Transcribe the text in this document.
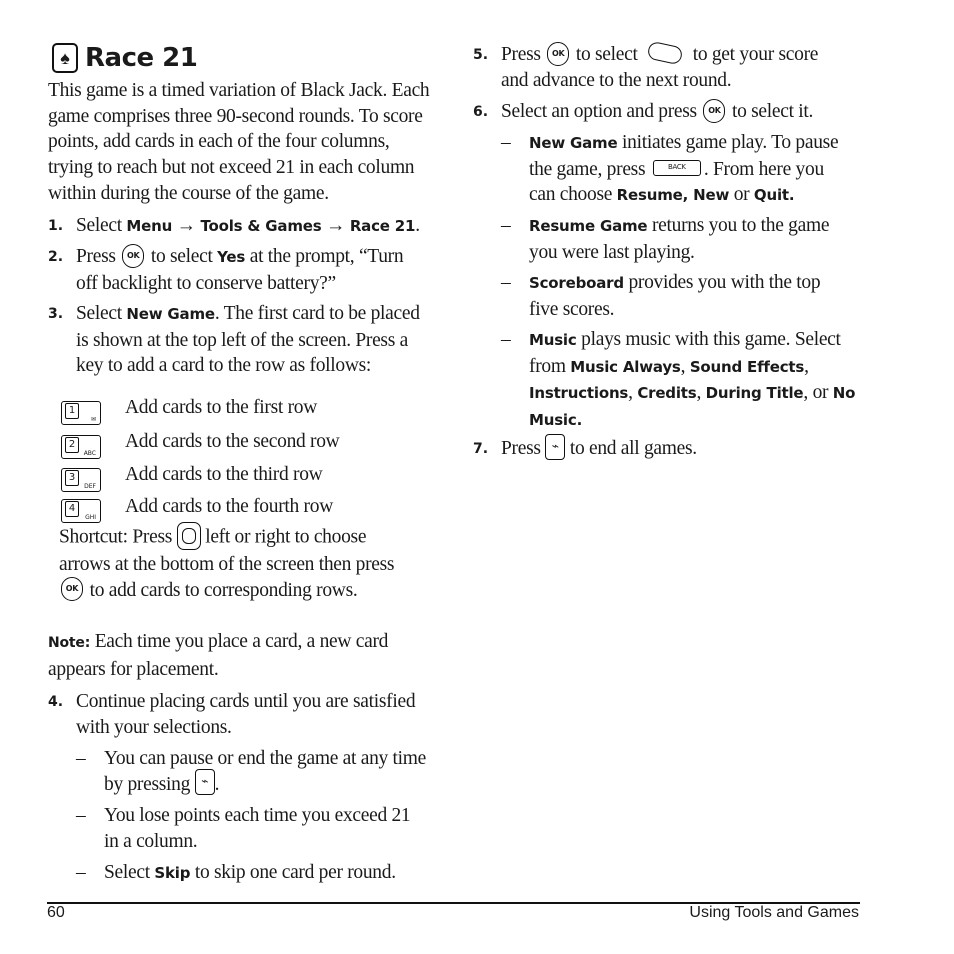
♠ Race 21
This game is a timed variation of Black Jack. Each game comprises three 90-second rounds. To score points, add cards in each of the four columns, trying to reach but not exceed 21 in each column within during the course of the game.
1. Select Menu → Tools & Games → Race 21.
2. Press OK to select Yes at the prompt, “Turn
off backlight to conserve battery?”
3. Select New Game. The first card to be placed
is shown at the top left of the screen. Press a
key to add a card to the row as follows:
1
✉
Add cards to the first row
2
ABC
Add cards to the second row
3
DEF
Add cards to the third row
4
GHI
Add cards to the fourth row
Shortcut: Press  left or right to choose
arrows at the bottom of the screen then press
OK to add cards to corresponding rows.
Note: Each time you place a card, a new card
appears for placement.
4. Continue placing cards until you are satisfied
with your selections.
– You can pause or end the game at any time
by pressing ⌁ .
– You lose points each time you exceed 21
in a column.
– Select Skip to skip one card per round.
5. Press OK to select  to get your score
and advance to the next round.
6. Select an option and press OK to select it.
– New Game initiates game play. To pause
the game, press	BACK . From here you
can choose Resume, New or Quit.
– Resume Game returns you to the game
you were last playing.
– Scoreboard provides you with the top
five scores.
– Music plays music with this game. Select
from Music Always, Sound Effects,
Instructions, Credits, During Title, or No
Music.
7. Press ⌁ to end all games.
60	Using Tools and Games
